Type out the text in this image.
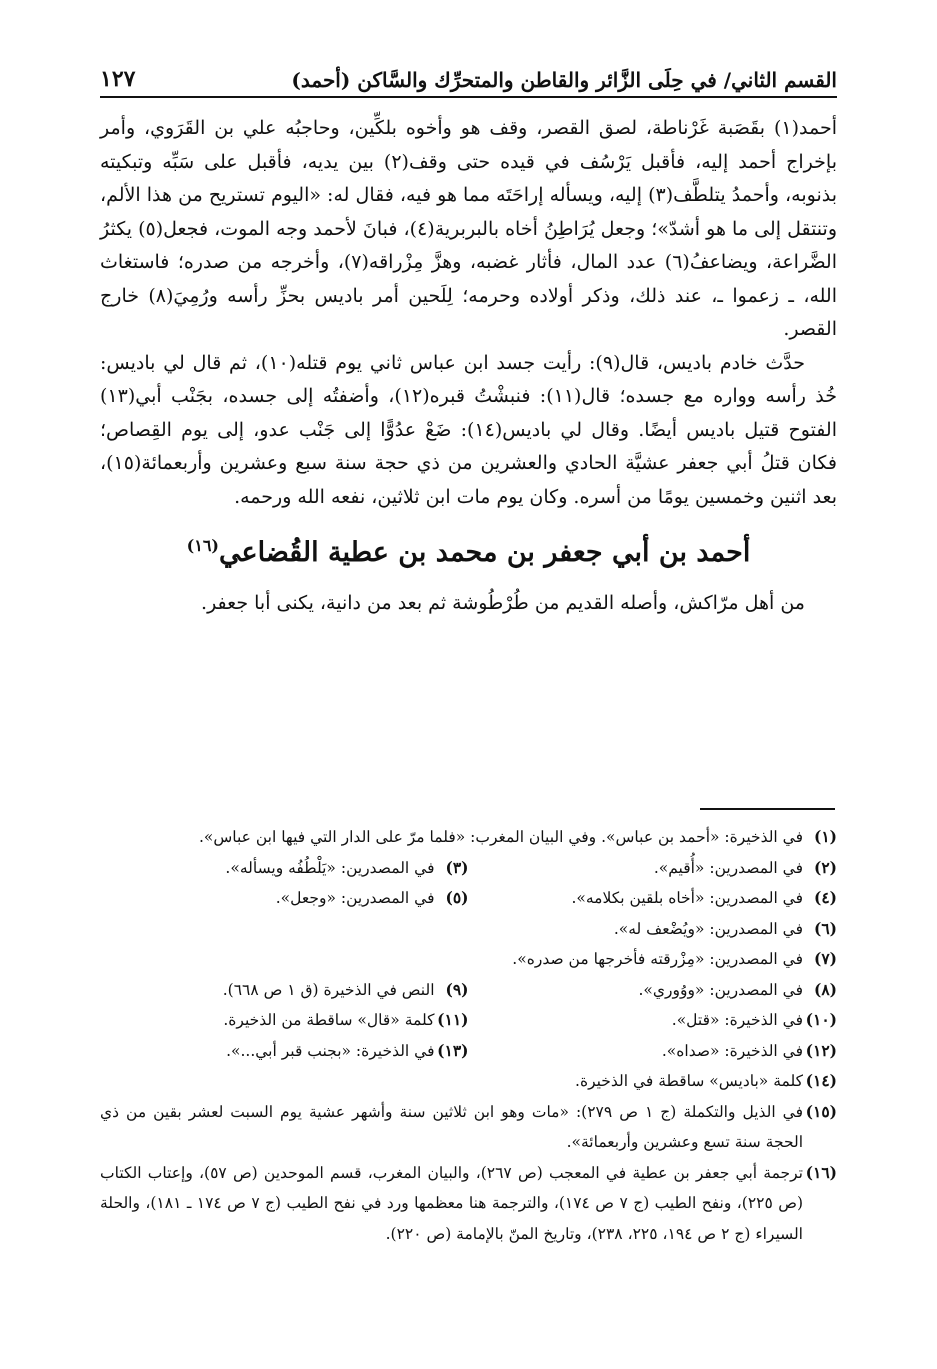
القسم الثاني/ في حِلَى الزَّائر والقاطن والمتحرِّك والسَّاكن (أحمد)
١٢٧

أحمد(١) بقَصَبة غَرْناطة، لصق القصر، وقف هو وأخوه بلكِّين، وحاجبُه علي بن القَرَوي، وأمر بإخراج أحمد إليه، فأقبل يَرْسُف في قيده حتى وقف(٢) بين يديه، فأقبل على سَبِّه وتبكيته بذنوبه، وأحمدُ يتلطَّف(٣) إليه، ويسأله إراحَتَه مما هو فيه، فقال له: «اليوم تستريح من هذا الألم، وتنتقل إلى ما هو أشدّ»؛ وجعل يُرَاطِنُ أخاه بالبربرية(٤)، فبانَ لأحمد وجه الموت، فجعل(٥) يكثرُ الضَّراعة، ويضاعفُ(٦) عدد المال، فأثار غضبه، وهزَّ مِزْراقه(٧)، وأخرجه من صدره؛ فاستغاث الله، ـ زعموا ـ، عند ذلك، وذكر أولاده وحرمه؛ لِلَحين أمر باديس بحزِّ رأسه ورُمِيَ(٨) خارج القصر.

حدَّث خادم باديس، قال(٩): رأيت جسد ابن عباس ثاني يوم قتله(١٠)، ثم قال لي باديس: خُذ رأسه وواره مع جسده؛ قال(١١): فنبشْتُ قبره(١٢)، وأضفتُه إلى جسده، بجَنْب أبي(١٣) الفتوح قتيل باديس أيضًا. وقال لي باديس(١٤): ضَعْ عدُوًّا إلى جَنْب عدو، إلى يوم القِصاص؛ فكان قتلُ أبي جعفر عشيَّة الحادي والعشرين من ذي حجة سنة سبع وعشرين وأربعمائة(١٥)، بعد اثنين وخمسين يومًا من أسره. وكان يوم مات ابن ثلاثين، نفعه الله ورحمه.

أحمد بن أبي جعفر بن محمد بن عطية القُضاعي$^{(١٦)}$

من أهل مرّاكش، وأصله القديم من طُرْطُوشة ثم بعد من دانية، يكنى أبا جعفر.

(١)
في الذخيرة: «أحمد بن عباس». وفي البيان المغرب: «فلما مرّ على الدار التي فيها ابن عباس».
(٢)
في المصدرين: «أُقيم».
(٣)
في المصدرين: «يَلْطُفُه ويسأله».
(٤)
في المصدرين: «أخاه بلقين بكلامه».
(٥)
في المصدرين: «وجعل».
(٦)
في المصدرين: «ويُضْعف له».
(٧)
في المصدرين: «مِزْرقته فأخرجها من صدره».
(٨)
في المصدرين: «ووُوري».
(٩)
النص في الذخيرة (ق ١ ص ٦٦٨).
(١٠)
في الذخيرة: «قتل».
(١١)
كلمة «قال» ساقطة من الذخيرة.
(١٢)
في الذخيرة: «صداه».
(١٣)
في الذخيرة: «بجنب قبر أبي...».
(١٤)
كلمة «باديس» ساقطة في الذخيرة.
(١٥)
في الذيل والتكملة (ج ١ ص ٢٧٩): «مات وهو ابن ثلاثين سنة وأشهر عشية يوم السبت لعشر بقين من ذي الحجة سنة تسع وعشرين وأربعمائة».
(١٦)
ترجمة أبي جعفر بن عطية في المعجب (ص ٢٦٧)، والبيان المغرب، قسم الموحدين (ص ٥٧)، وإعتاب الكتاب (ص ٢٢٥)، ونفح الطيب (ج ٧ ص ١٧٤)، والترجمة هنا معظمها ورد في نفح الطيب (ج ٧ ص ١٧٤ ـ ١٨١)، والحلة السيراء (ج ٢ ص ١٩٤، ٢٢٥، ٢٣٨)، وتاريخ المنّ بالإمامة (ص ٢٢٠).
